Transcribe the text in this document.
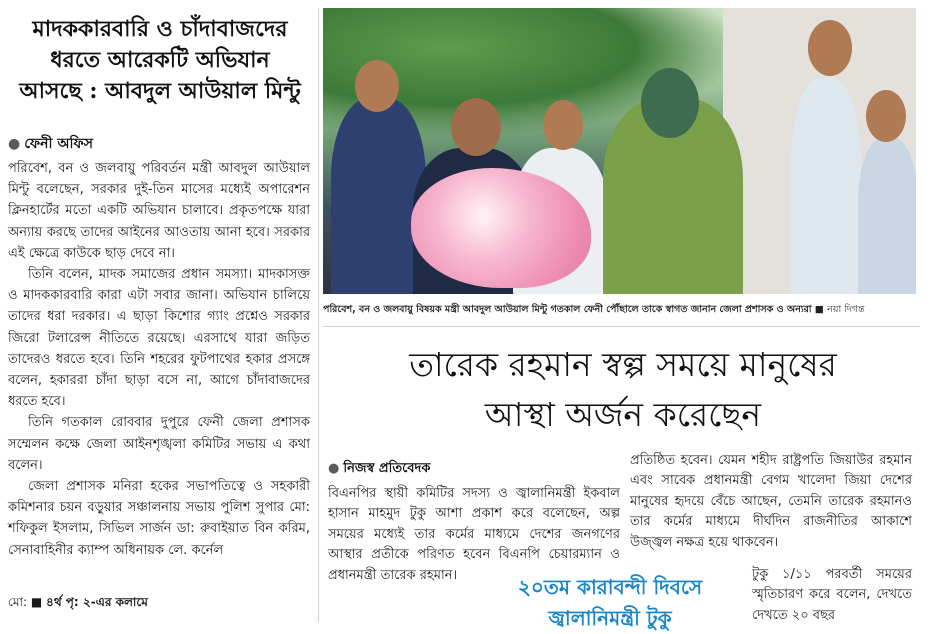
মাদককারবারি ও চাঁদাবাজদের
ধরতে আরেকটি অভিযান
আসছে : আবদুল আউয়াল মিন্টু
● ফেনী অফিস

পরিবেশ, বন ও জলবায়ু পরিবর্তন মন্ত্রী আবদুল আউয়াল মিন্টু বলেছেন, সরকার দুই-তিন মাসের মধ্যেই অপারেশন ক্লিনহার্টের মতো একটি অভিযান চালাবে। প্রকৃতপক্ষে যারা অন্যায় করছে তাদের আইনের আওতায় আনা হবে। সরকার এই ক্ষেত্রে কাউকে ছাড় দেবে না।

তিনি বলেন, মাদক সমাজের প্রধান সমস্যা। মাদকাসক্ত ও মাদককারবারি কারা এটা সবার জানা। অভিযান চালিয়ে তাদের ধরা দরকার। এ ছাড়া কিশোর গ্যাং প্রশ্নেও সরকার জিরো টলারেন্স নীতিতে রয়েছে। এরসাথে যারা জড়িত তাদেরও ধরতে হবে। তিনি শহরের ফুটপাথের হকার প্রসঙ্গে বলেন, হকাররা চাঁদা ছাড়া বসে না, আগে চাঁদাবাজদের ধরতে হবে।

তিনি গতকাল রোববার দুপুরে ফেনী জেলা প্রশাসক সম্মেলন কক্ষে জেলা আইনশৃঙ্খলা কমিটির সভায় এ কথা বলেন।

জেলা প্রশাসক মনিরা হকের সভাপতিত্বে ও সহকারী কমিশনার চয়ন বড়ুয়ার সঞ্চালনায় সভায় পুলিশ সুপার মো: শফিকুল ইসলাম, সিভিল সার্জন ডা: রুবাইয়াত বিন করিম, সেনাবাহিনীর ক্যাম্প অধিনায়ক লে. কর্নেল

মো: ■ ৪র্থ পৃ: ২-এর কলামে
পরিবেশ, বন ও জলবায়ু বিষয়ক মন্ত্রী আবদুল আউয়াল মিন্টু গতকাল ফেনী পৌঁছালে তাকে স্বাগত জানান জেলা প্রশাসক ও অন্যরা ■ নয়া দিগন্ত
তারেক রহমান স্বল্প সময়ে মানুষের
আস্থা অর্জন করেছেন
● নিজস্ব প্রতিবেদক

বিএনপির স্থায়ী কমিটির সদস্য ও জ্বালানিমন্ত্রী ইকবাল হাসান মাহমুদ টুকু আশা প্রকাশ করে বলেছেন, অল্প সময়ের মধ্যেই তার কর্মের মাধ্যমে দেশের জনগণের আস্থার প্রতীকে পরিণত হবেন বিএনপি চেয়ারম্যান ও প্রধানমন্ত্রী তারেক রহমান।

প্রতিষ্ঠিত হবেন। যেমন শহীদ রাষ্ট্রপতি জিয়াউর রহমান এবং সাবেক প্রধানমন্ত্রী বেগম খালেদা জিয়া দেশের মানুষের হৃদয়ে বেঁচে আছেন, তেমনি তারেক রহমানও তার কর্মের মাধ্যমে দীর্ঘদিন রাজনীতির আকাশে উজ্জ্বল নক্ষত্র হয়ে থাকবেন।

টুকু ১/১১ পরবর্তী সময়ের স্মৃতিচারণ করে বলেন, দেখতে দেখতে ২০ বছর

২০তম কারাবন্দী দিবসে
জ্বালানিমন্ত্রী টুকু
